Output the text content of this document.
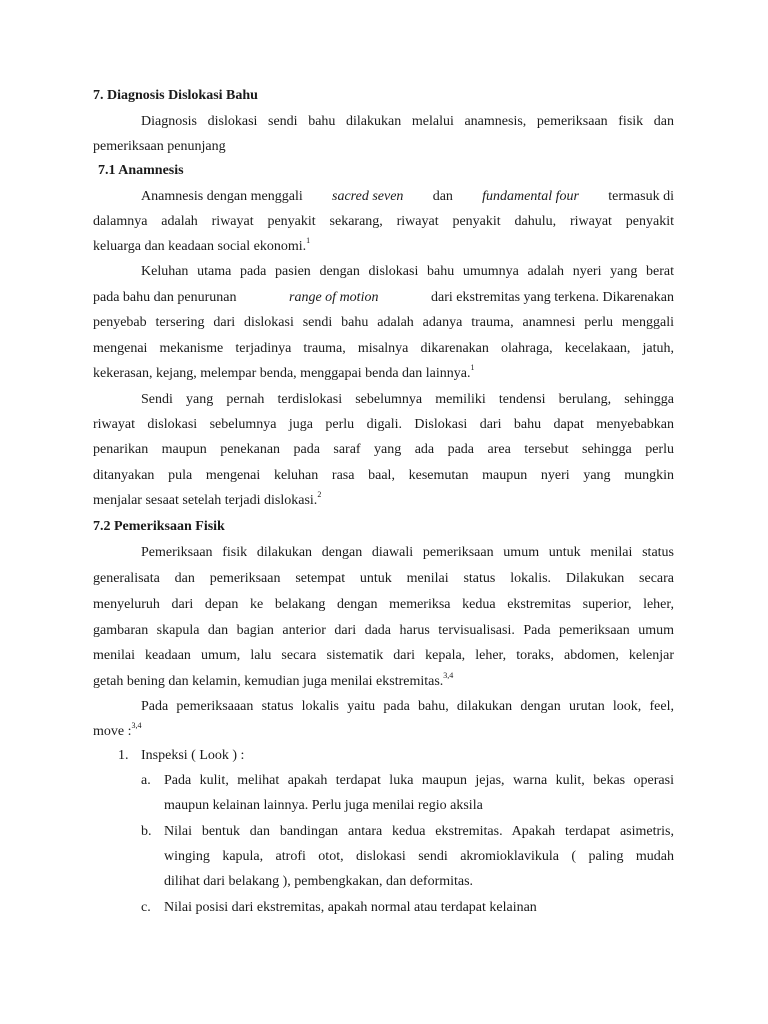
7. Diagnosis Dislokasi Bahu
Diagnosis dislokasi sendi bahu dilakukan melalui anamnesis, pemeriksaan fisik dan
pemeriksaan penunjang
7.1 Anamnesis
Anamnesis dengan menggali sacred seven dan fundamental four termasuk di
dalamnya adalah riwayat penyakit sekarang, riwayat penyakit dahulu, riwayat penyakit
keluarga dan keadaan social ekonomi.$^1$
Keluhan utama pada pasien dengan dislokasi bahu umumnya adalah nyeri yang berat
pada bahu dan penurunan	range of motion	dari ekstremitas yang terkena. Dikarenakan
penyebab tersering dari dislokasi sendi bahu adalah adanya trauma, anamnesi perlu menggali
mengenai mekanisme terjadinya trauma, misalnya dikarenakan olahraga, kecelakaan, jatuh,
kekerasan, kejang, melempar benda, menggapai benda dan lainnya.$^1$
Sendi yang pernah terdislokasi sebelumnya memiliki tendensi berulang, sehingga
riwayat dislokasi sebelumnya juga perlu digali. Dislokasi dari bahu dapat menyebabkan
penarikan maupun penekanan pada saraf yang ada pada area tersebut sehingga perlu
ditanyakan pula mengenai keluhan rasa baal, kesemutan maupun nyeri yang mungkin
menjalar sesaat setelah terjadi dislokasi.$^2$
7.2 Pemeriksaan Fisik
Pemeriksaan fisik dilakukan dengan diawali pemeriksaan umum untuk menilai status
generalisata dan pemeriksaan setempat untuk menilai status lokalis. Dilakukan secara
menyeluruh dari depan ke belakang dengan memeriksa kedua ekstremitas superior, leher,
gambaran skapula dan bagian anterior dari dada harus tervisualisasi. Pada pemeriksaan umum
menilai keadaan umum, lalu secara sistematik dari kepala, leher, toraks, abdomen, kelenjar
getah bening dan kelamin, kemudian juga menilai ekstremitas.$^{3,4}$
Pada pemeriksaaan status lokalis yaitu pada bahu, dilakukan dengan urutan look, feel,
move :$^{3,4}$
1. Inspeksi ( Look ) :
a. Pada kulit, melihat apakah terdapat luka maupun jejas, warna kulit, bekas operasi
maupun kelainan lainnya. Perlu juga menilai regio aksila
b. Nilai bentuk dan bandingan antara kedua ekstremitas. Apakah terdapat asimetris,
winging kapula, atrofi otot, dislokasi sendi akromioklavikula ( paling mudah
dilihat dari belakang ), pembengkakan, dan deformitas.
c. Nilai posisi dari ekstremitas, apakah normal atau terdapat kelainan
